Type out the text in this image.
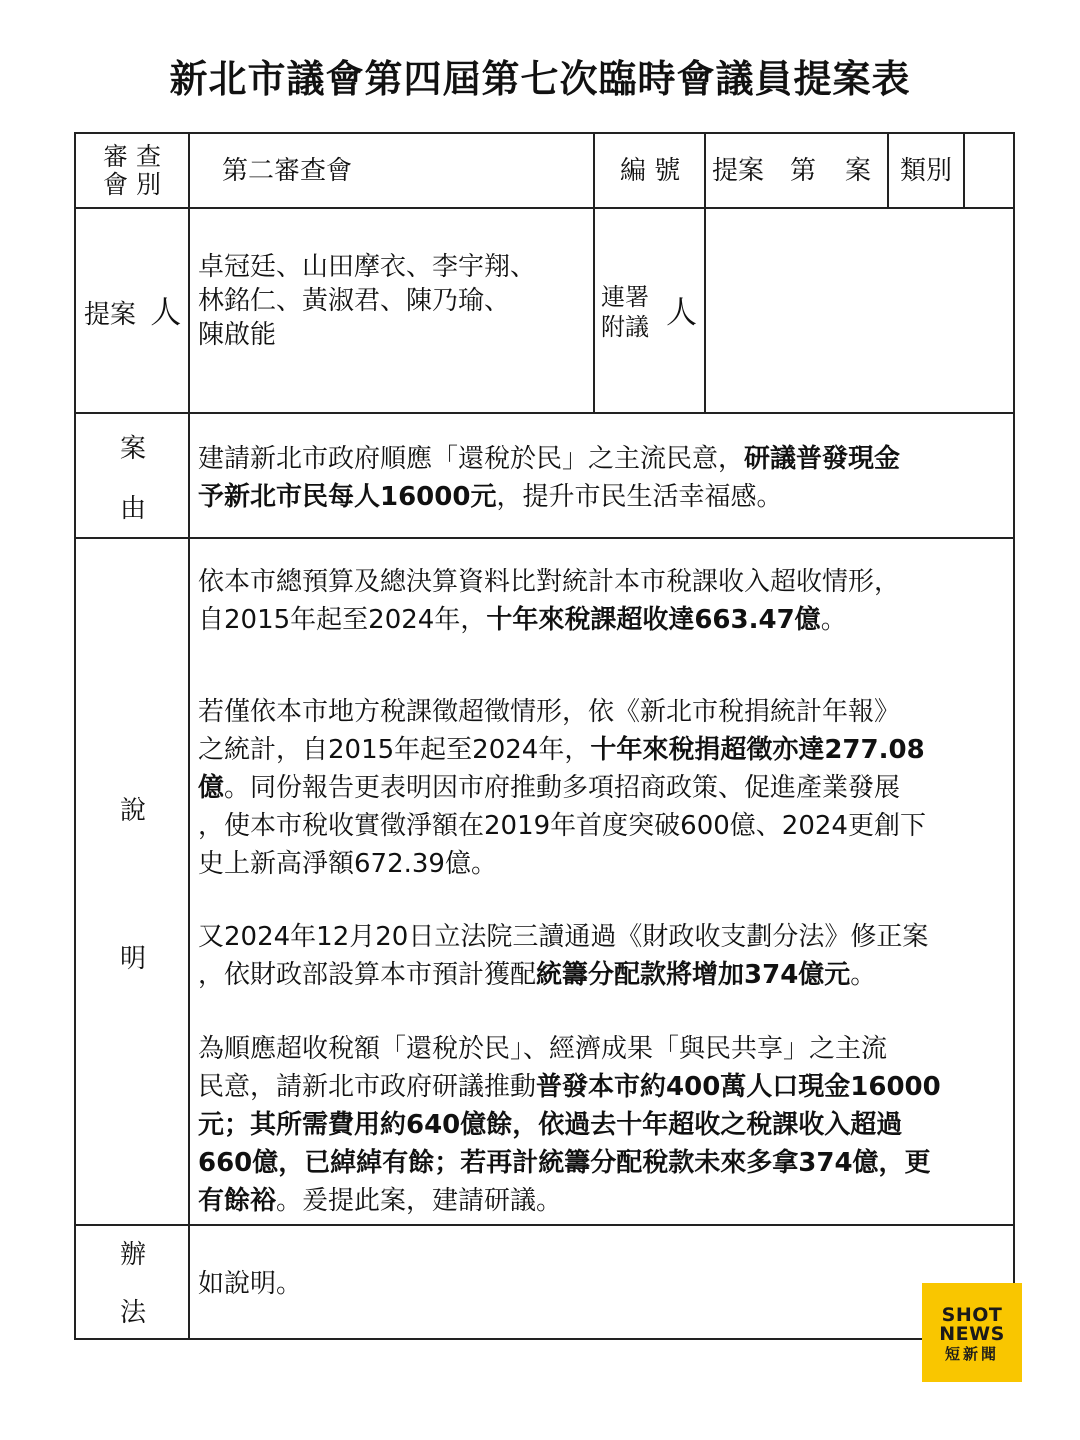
新北市議會第四屆第七次臨時會議員提案表
審 查
會 別	第二審查會	編 號 提案 第 案 類別
提案 人

卓冠廷、山田摩衣、李宇翔、

林銘仁、黃淑君、陳乃瑜、

陳啟能

連署
附議 人
案
由

建請新北市政府順應「還稅於民」之主流民意，研議普發現金

予新北市民每人16000元，提升市民生活幸福感。

說
明

依本市總預算及總決算資料比對統計本市稅課收入超收情形，

自2015年起至2024年，十年來稅課超收達663.47億。

若僅依本市地方稅課徵超徵情形，依《新北市稅捐統計年報》

之統計，自2015年起至2024年，十年來稅捐超徵亦達277.08

億。同份報告更表明因市府推動多項招商政策、促進產業發展

，使本市稅收實徵淨額在2019年首度突破600億、2024更創下

史上新高淨額672.39億。

又2024年12月20日立法院三讀通過《財政收支劃分法》修正案

，依財政部設算本市預計獲配統籌分配款將增加374億元。

為順應超收稅額「還稅於民」、經濟成果「與民共享」之主流

民意，請新北市政府研議推動普發本市約400萬人口現金16000

元；其所需費用約640億餘，依過去十年超收之稅課收入超過

660億，已綽綽有餘；若再計統籌分配稅款未來多拿374億，更

有餘裕。爰提此案，建請研議。

辦
法
如說明。
SHOT
NEWS
短新聞
